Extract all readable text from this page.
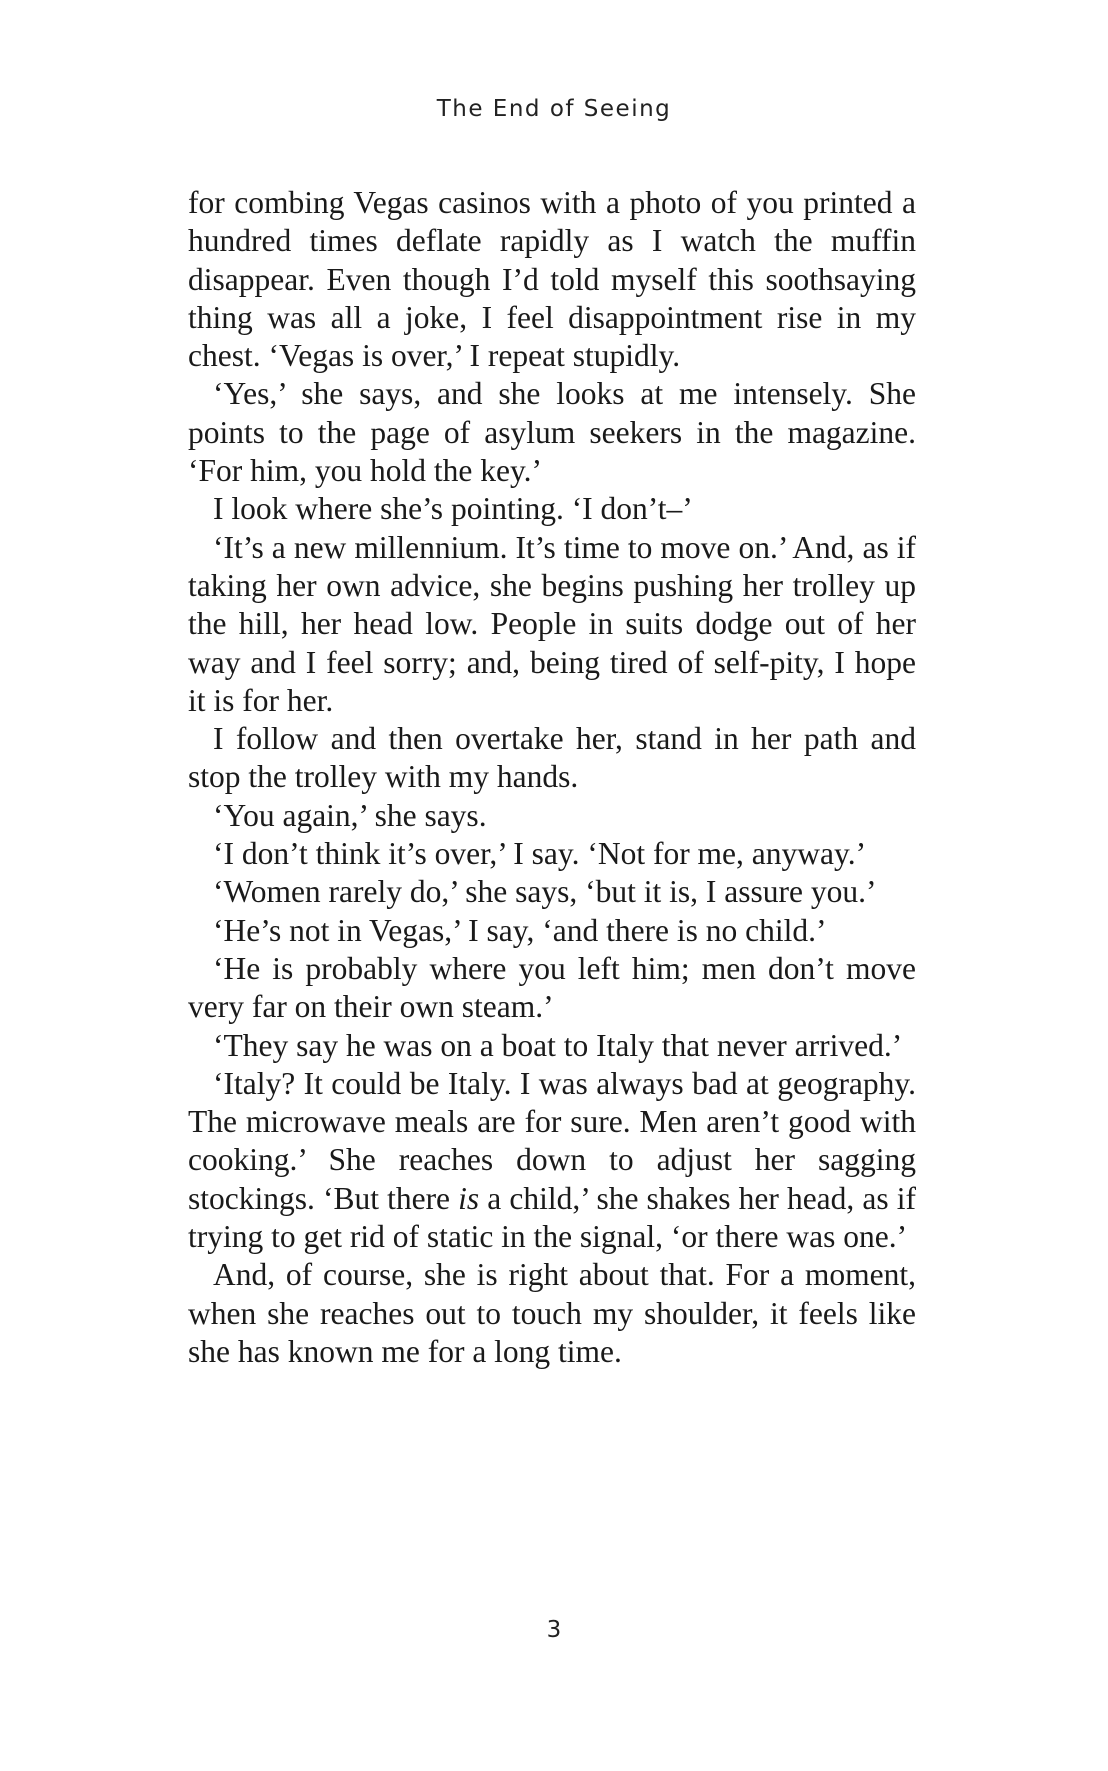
The End of Seeing

for combing Vegas casinos with a photo of you printed a hundred times deflate rapidly as I watch the muffin disappear. Even though I’d told myself this soothsaying thing was all a joke, I feel disappointment rise in my chest. ‘Vegas is over,’ I repeat stupidly.

‘Yes,’ she says, and she looks at me intensely. She points to the page of asylum seekers in the magazine. ‘For him, you hold the key.’

I look where she’s pointing. ‘I don’t–’

‘It’s a new millennium. It’s time to move on.’ And, as if taking her own advice, she begins pushing her trolley up the hill, her head low. People in suits dodge out of her way and I feel sorry; and, being tired of self-pity, I hope it is for her.

I follow and then overtake her, stand in her path and stop the trolley with my hands.

‘You again,’ she says.

‘I don’t think it’s over,’ I say. ‘Not for me, anyway.’

‘Women rarely do,’ she says, ‘but it is, I assure you.’

‘He’s not in Vegas,’ I say, ‘and there is no child.’

‘He is probably where you left him; men don’t move very far on their own steam.’

‘They say he was on a boat to Italy that never arrived.’

‘Italy? It could be Italy. I was always bad at geography. The microwave meals are for sure. Men aren’t good with cooking.’ She reaches down to adjust her sagging stockings. ‘But there is a child,’ she shakes her head, as if trying to get rid of static in the signal, ‘or there was one.’

And, of course, she is right about that. For a moment, when she reaches out to touch my shoulder, it feels like she has known me for a long time.

3
